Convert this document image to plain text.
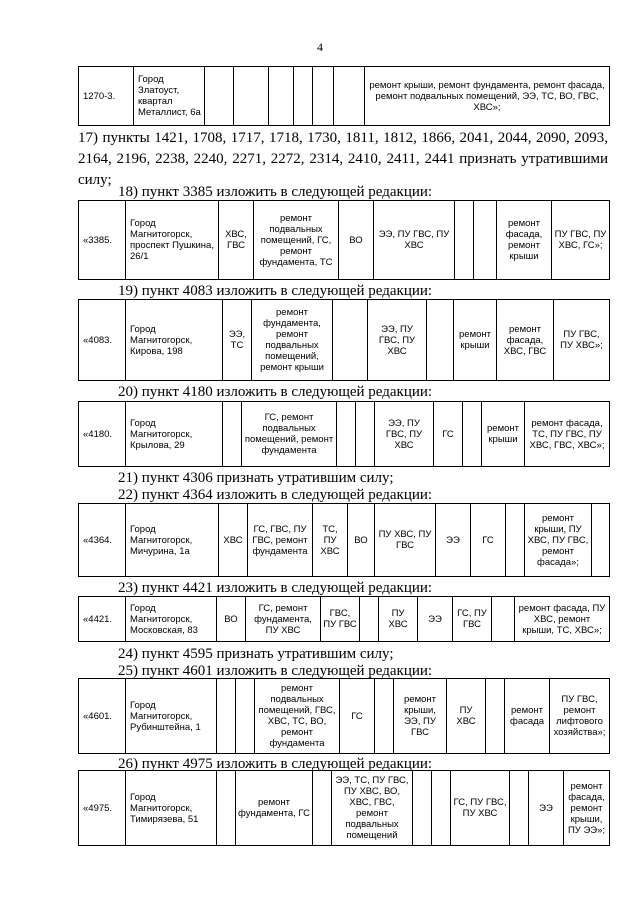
4
1270-3.	Город Златоуст, квартал Металлист, 6а							ремонт крыши, ремонт фундамента, ремонт фасада, ремонт подвальных помещений, ЭЭ, ТС, ВО, ГВС, ХВС»;
17) пункты 1421, 1708, 1717, 1718, 1730, 1811, 1812, 1866, 2041, 2044, 2090, 2093, 2164, 2196, 2238, 2240, 2271, 2272, 2314, 2410, 2411, 2441 признать утратившими силу;
18) пункт 3385 изложить в следующей редакции:
«3385.	Город Магнитогорск, проспект Пушкина, 26/1	ХВС, ГВС	ремонт подвальных помещений, ГС, ремонт фундамента, ТС	ВО	ЭЭ, ПУ ГВС, ПУ ХВС			ремонт фасада, ремонт крыши	ПУ ГВС, ПУ ХВС, ГС»;
19) пункт 4083 изложить в следующей редакции:
«4083.	Город Магнитогорск, Кирова, 198	ЭЭ, ТС	ремонт фундамента, ремонт подвальных помещений, ремонт крыши		ЭЭ, ПУ ГВС, ПУ ХВС		ремонт крыши	ремонт фасада, ХВС, ГВС	ПУ ГВС, ПУ ХВС»;
20) пункт 4180 изложить в следующей редакции:
«4180.	Город Магнитогорск, Крылова, 29		ГС, ремонт подвальных помещений, ремонт фундамента			ЭЭ, ПУ ГВС, ПУ ХВС	ГС		ремонт крыши	ремонт фасада, ТС, ПУ ГВС, ПУ ХВС, ГВС, ХВС»;
21) пункт 4306 признать утратившим силу;
22) пункт 4364 изложить в следующей редакции:
«4364.	Город Магнитогорск, Мичурина, 1а	ХВС	ГС, ГВС, ПУ ГВС, ремонт фундамента	ТС, ПУ ХВС	ВО	ПУ ХВС, ПУ ГВС	ЭЭ	ГС		ремонт крыши, ПУ ХВС, ПУ ГВС, ремонт фасада»;	
23) пункт 4421 изложить в следующей редакции:
«4421.	Город Магнитогорск, Московская, 83	ВО	ГС, ремонт фундамента, ПУ ХВС	ГВС, ПУ ГВС		ПУ ХВС	ЭЭ	ГС, ПУ ГВС		ремонт фасада, ПУ ХВС, ремонт крыши, ТС, ХВС»;
24) пункт 4595 признать утратившим силу;
25) пункт 4601 изложить в следующей редакции:
«4601.	Город Магнитогорск, Рубинштейна, 1			ремонт подвальных помещений, ГВС, ХВС, ТС, ВО, ремонт фундамента	ГС		ремонт крыши, ЭЭ, ПУ ГВС	ПУ ХВС		ремонт фасада	ПУ ГВС, ремонт лифтового хозяйства»;
26) пункт 4975 изложить в следующей редакции:
«4975.	Город Магнитогорск, Тимирязева, 51		ремонт фундамента, ГС		ЭЭ, ТС, ПУ ГВС, ПУ ХВС, ВО, ХВС, ГВС, ремонт подвальных помещений			ГС, ПУ ГВС, ПУ ХВС		ЭЭ	ремонт фасада, ремонт крыши, ПУ ЭЭ»;
